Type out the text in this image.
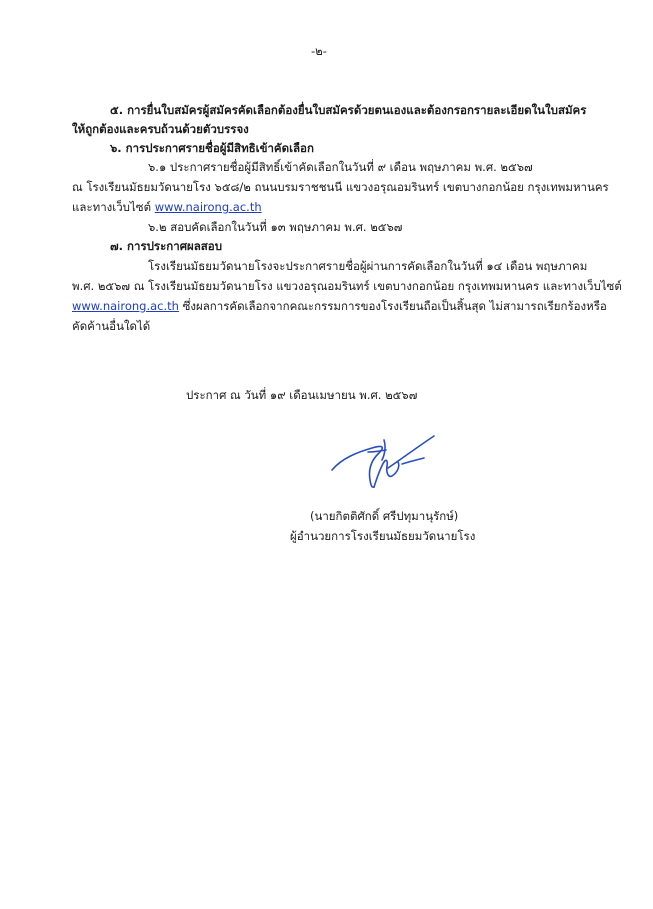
-๒-
๕. การยื่นใบสมัครผู้สมัครคัดเลือกต้องยื่นใบสมัครด้วยตนเองและต้องกรอกรายละเอียดในใบสมัคร
ให้ถูกต้องและครบถ้วนด้วยตัวบรรจง
๖. การประกาศรายชื่อผู้มีสิทธิเข้าคัดเลือก
๖.๑ ประกาศรายชื่อผู้มีสิทธิ์เข้าคัดเลือกในวันที่ ๙ เดือน พฤษภาคม พ.ศ. ๒๕๖๗
ณ โรงเรียนมัธยมวัดนายโรง ๖๕๘/๒ ถนนบรมราชชนนี แขวงอรุณอมรินทร์ เขตบางกอกน้อย กรุงเทพมหานคร
และทางเว็บไซต์ www.nairong.ac.th
๖.๒ สอบคัดเลือกในวันที่ ๑๓ พฤษภาคม พ.ศ. ๒๕๖๗
๗. การประกาศผลสอบ
โรงเรียนมัธยมวัดนายโรงจะประกาศรายชื่อผู้ผ่านการคัดเลือกในวันที่ ๑๔ เดือน พฤษภาคม
พ.ศ. ๒๕๖๗ ณ โรงเรียนมัธยมวัดนายโรง แขวงอรุณอมรินทร์ เขตบางกอกน้อย กรุงเทพมหานคร และทางเว็บไซต์
www.nairong.ac.th ซึ่งผลการคัดเลือกจากคณะกรรมการของโรงเรียนถือเป็นสิ้นสุด ไม่สามารถเรียกร้องหรือ
คัดค้านอื่นใดได้
ประกาศ ณ วันที่ ๑๙ เดือนเมษายน พ.ศ. ๒๕๖๗
(นายกิตติศักดิ์ ศรีปทุมานุรักษ์)
ผู้อำนวยการโรงเรียนมัธยมวัดนายโรง
